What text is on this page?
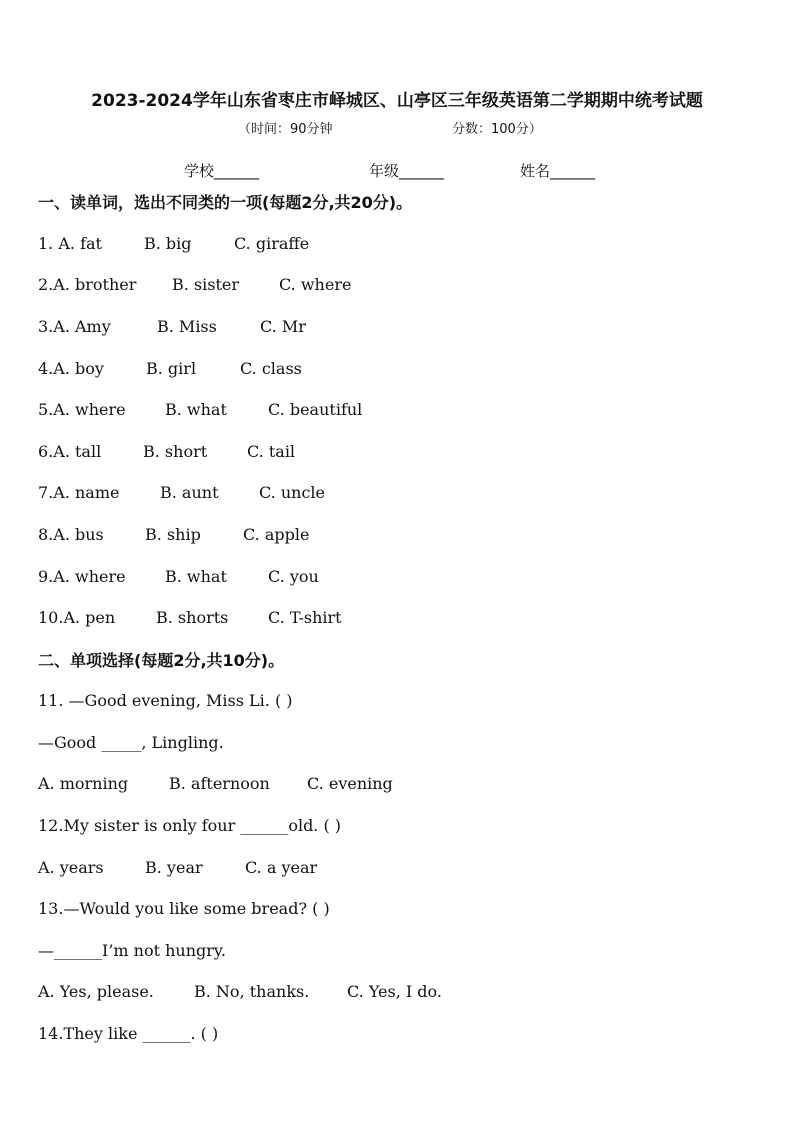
2023-2024学年山东省枣庄市峄城区、山亭区三年级英语第二学期期中统考试题
（时间：90分钟	分数：100分）
学校______	年级______	姓名______
一、读单词，选出不同类的一项(每题2分,共20分)。
1. A. fat	B. big	C. giraffe
2.A. brother B. sister C. where
3.A. Amy	B. Miss	C. Mr
4.A. boy	B. girl	C. class
5.A. where B. what	C. beautiful
6.A. tall	B. short C. tail
7.A. name	B. aunt	C. uncle
8.A. bus	B. ship	C. apple
9.A. where B. what	C. you
10.A. pen	B. shorts C. T-shirt
二、单项选择(每题2分,共10分)。
11. —Good evening, Miss Li. ( )
—Good _____, Lingling.
A. morning	B. afternoon C. evening
12.My sister is only four ______old. ( )
A. years	B. year	C. a year
13.—Would you like some bread? ( )
—______I’m not hungry.
A. Yes, please.	B. No, thanks. C. Yes, I do.
14.They like ______. ( )
